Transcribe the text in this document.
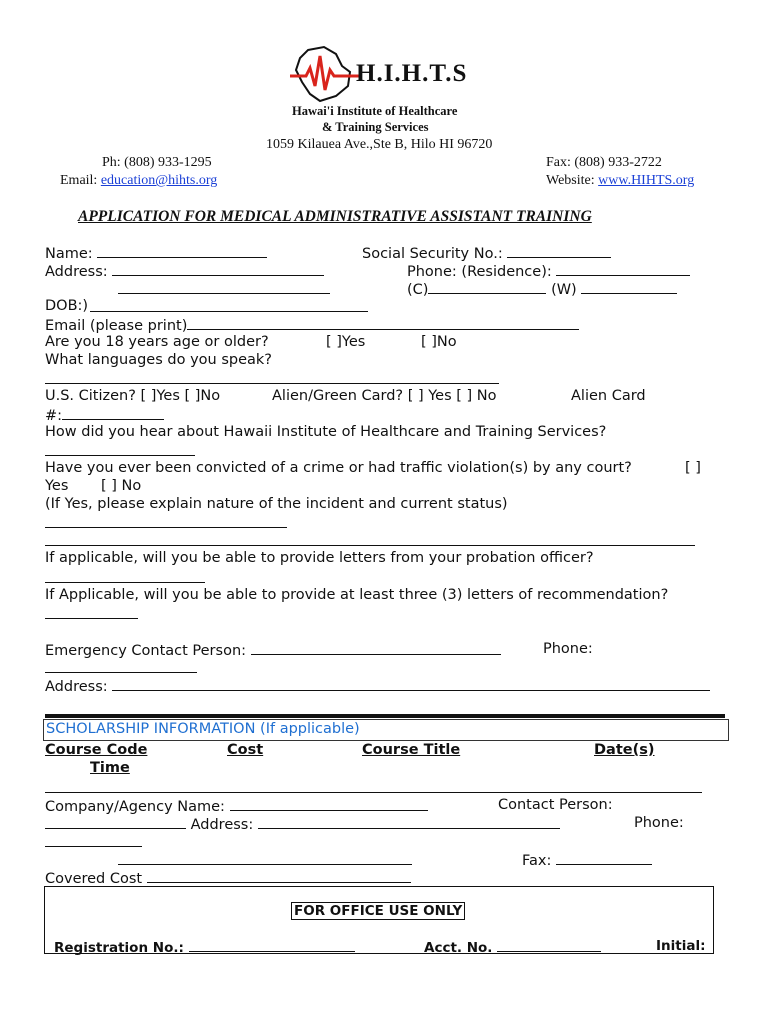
H.I.H.T.S
Hawai'i Institute of Healthcare
& Training Services
1059 Kilauea Ave.,Ste B, Hilo HI 96720
Ph: (808) 933-1295	Fax: (808) 933-2722
Email: education@hihts.org	Website: www.HIHTS.org
APPLICATION FOR MEDICAL ADMINISTRATIVE ASSISTANT TRAINING
Name:	Social Security No.:
Address:	Phone: (Residence):
(C)	(W)
DOB:)
Email (please print)
Are you 18 years age or older?	[ ]Yes	[ ]No
What languages do you speak?
U.S. Citizen? [ ]Yes [ ]No	Alien/Green Card? [ ] Yes [ ] No	Alien Card
#:
How did you hear about Hawaii Institute of Healthcare and Training Services?
Have you ever been convicted of a crime or had traffic violation(s) by any court?	[ ]
Yes [ ] No
(If Yes, please explain nature of the incident and current status)
If applicable, will you be able to provide letters from your probation officer?
If Applicable, will you be able to provide at least three (3) letters of recommendation?
Emergency Contact Person:	Phone:
Address:
SCHOLARSHIP INFORMATION (If applicable)
Course Code	Cost	Course Title	Date(s)
Time
Company/Agency Name:	Contact Person:
Address:	Phone:
Fax:
Covered Cost
FOR OFFICE USE ONLY
Registration No.:	Acct. No.	Initial:
